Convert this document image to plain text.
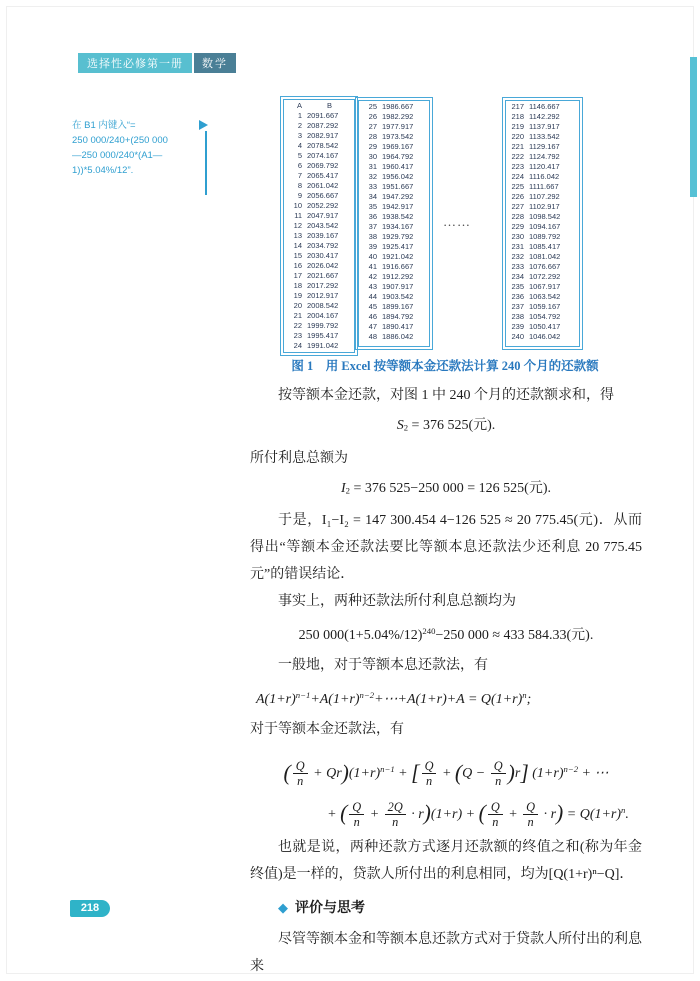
选择性必修第一册	数学
在 B1 内键入“=
250 000/240+(250 000
—250 000/240*(A1—
1))*5.04%/12”.
A	B
1 2091.667
2 2087.292
3 2082.917
4 2078.542
5 2074.167
6 2069.792
7 2065.417
8 2061.042
9 2056.667
10 2052.292
11 2047.917
12 2043.542
13 2039.167
14 2034.792
15 2030.417
16 2026.042
17 2021.667
18 2017.292
19 2012.917
20 2008.542
21 2004.167
22 1999.792
23 1995.417
24 1991.042
25 1986.667
26 1982.292
27 1977.917
28 1973.542
29 1969.167
30 1964.792
31 1960.417
32 1956.042
33 1951.667
34 1947.292
35 1942.917
36 1938.542
37 1934.167
38 1929.792
39 1925.417
40 1921.042
41 1916.667
42 1912.292
43 1907.917
44 1903.542
45 1899.167
46 1894.792
47 1890.417
48 1886.042
……
217 1146.667
218 1142.292
219 1137.917
220 1133.542
221 1129.167
222 1124.792
223 1120.417
224 1116.042
225 1111.667
226 1107.292
227 1102.917
228 1098.542
229 1094.167
230 1089.792
231 1085.417
232 1081.042
233 1076.667
234 1072.292
235 1067.917
236 1063.542
237 1059.167
238 1054.792
239 1050.417
240 1046.042
图 1　用 Excel 按等额本金还款法计算 240 个月的还款额

按等额本金还款，对图 1 中 240 个月的还款额求和，得

S2 = 376 525(元).

所付利息总额为

I2 = 376 525−250 000 = 126 525(元).

于是，I₁−I₂ = 147 300.454 4−126 525 ≈ 20 775.45(元)．从而得出“等额本金还款法要比等额本息还款法少还利息 20 775.45 元”的错误结论．

事实上，两种还款法所付利息总额均为

250 $000(1+5.04\%/12)^{240}-250$ 000 ≈ 433 584.33(元).

一般地，对于等额本息还款法，有

$A(1+r)^{n-1}+A(1+r)^{n-2}+\cdots+A(1+r)+A = Q(1+r)^n$;

对于等额本金还款法，有

( $\frac{Q}{n} + Qr)(1+r)^{n-1}$ + [ $\frac{Q}{n} + (Q - \frac{Q}{n} )r$] $(1+r)^{n-2}$ + ⋯
+ ( $\frac{Q}{n} + \frac{2Q}{n} \cdot r)(1+r)$ + ( $\frac{Q}{n} + \frac{Q}{n} \cdot r) = Q(1+r)^n$.

也就是说，两种还款方式逐月还款额的终值之和(称为年金终值)是一样的，贷款人所付出的利息相同，均为[Q(1+r)ⁿ−Q]．

◆ 评价与思考

尽管等额本金和等额本息还款方式对于贷款人所付出的利息来

218
